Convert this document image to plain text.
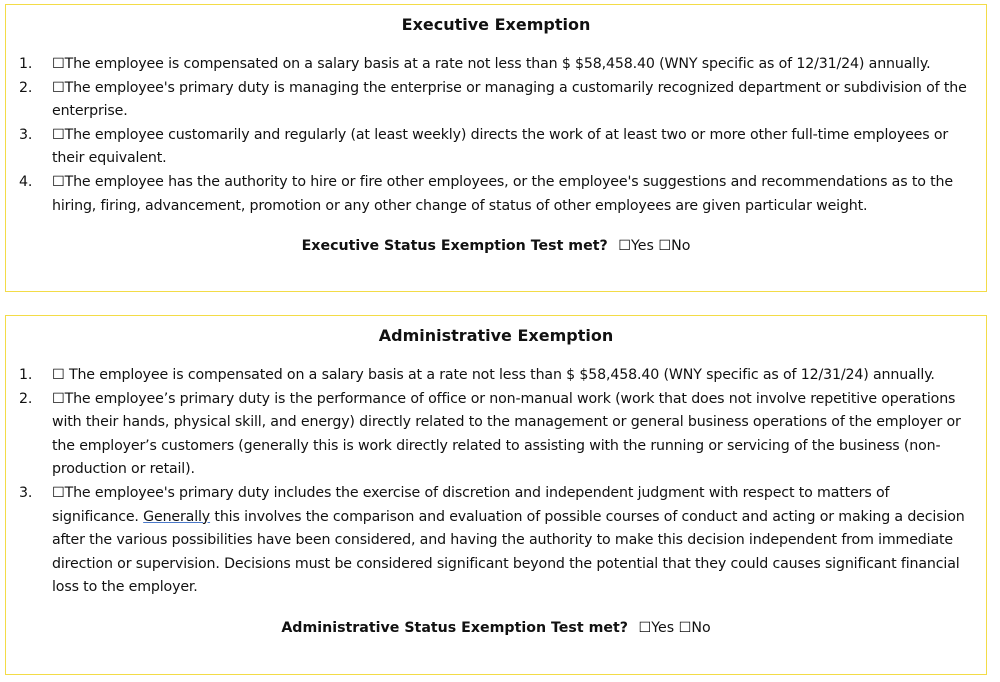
Executive Exemption
1. ☐The employee is compensated on a salary basis at a rate not less than $ $58,458.40 (WNY specific as of 12/31/24) annually.
2. ☐The employee's primary duty is managing the enterprise or managing a customarily recognized department or subdivision of the enterprise.
3. ☐The employee customarily and regularly (at least weekly) directs the work of at least two or more other full-time employees or their equivalent.
4. ☐The employee has the authority to hire or fire other employees, or the employee's suggestions and recommendations as to the hiring, firing, advancement, promotion or any other change of status of other employees are given particular weight.
Executive Status Exemption Test met? ☐Yes ☐No
Administrative Exemption
1. ☐ The employee is compensated on a salary basis at a rate not less than $ $58,458.40 (WNY specific as of 12/31/24) annually.
2. ☐The employee’s primary duty is the performance of office or non-manual work (work that does not involve repetitive operations with their hands, physical skill, and energy) directly related to the management or general business operations of the employer or the employer’s customers (generally this is work directly related to assisting with the running or servicing of the business (non-production or retail).
3. ☐The employee's primary duty includes the exercise of discretion and independent judgment with respect to matters of significance. Generally this involves the comparison and evaluation of possible courses of conduct and acting or making a decision after the various possibilities have been considered, and having the authority to make this decision independent from immediate direction or supervision. Decisions must be considered significant beyond the potential that they could causes significant financial loss to the employer.
Administrative Status Exemption Test met? ☐Yes ☐No
